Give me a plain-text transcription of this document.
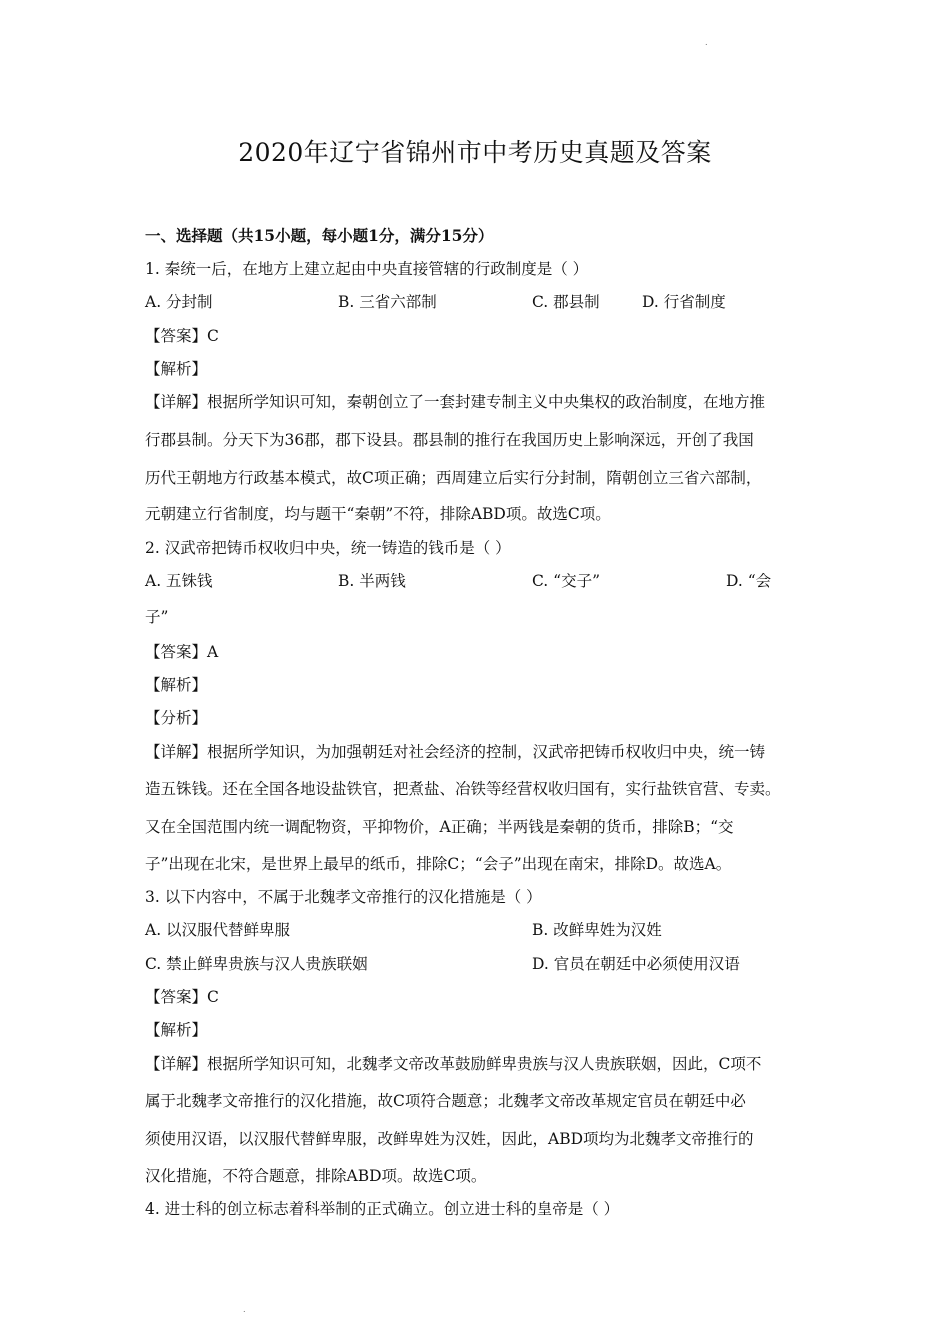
.
2020年辽宁省锦州市中考历史真题及答案
一、选择题（共15小题，每小题1分，满分15分）
1. 秦统一后，在地方上建立起由中央直接管辖的行政制度是（ ）
A. 分封制	B. 三省六部制	C. 郡县制	D. 行省制度
【答案】C
【解析】
【详解】根据所学知识可知，秦朝创立了一套封建专制主义中央集权的政治制度，在地方推
行郡县制。分天下为36郡，郡下设县。郡县制的推行在我国历史上影响深远，开创了我国
历代王朝地方行政基本模式，故C项正确；西周建立后实行分封制，隋朝创立三省六部制，
元朝建立行省制度，均与题干“秦朝”不符，排除ABD项。故选C项。
2. 汉武帝把铸币权收归中央，统一铸造的钱币是（ ）
A. 五铢钱	B. 半两钱	C. “交子”	D. “会
子”
【答案】A
【解析】
【分析】
【详解】根据所学知识，为加强朝廷对社会经济的控制，汉武帝把铸币权收归中央，统一铸
造五铢钱。还在全国各地设盐铁官，把煮盐、冶铁等经营权收归国有，实行盐铁官营、专卖。
又在全国范围内统一调配物资，平抑物价，A正确；半两钱是秦朝的货币，排除B；“交
子”出现在北宋，是世界上最早的纸币，排除C；“会子”出现在南宋，排除D。故选A。
3. 以下内容中，不属于北魏孝文帝推行的汉化措施是（ ）
A. 以汉服代替鲜卑服	B. 改鲜卑姓为汉姓
C. 禁止鲜卑贵族与汉人贵族联姻	D. 官员在朝廷中必须使用汉语
【答案】C
【解析】
【详解】根据所学知识可知，北魏孝文帝改革鼓励鲜卑贵族与汉人贵族联姻，因此，C项不
属于北魏孝文帝推行的汉化措施，故C项符合题意；北魏孝文帝改革规定官员在朝廷中必
须使用汉语，以汉服代替鲜卑服，改鲜卑姓为汉姓，因此，ABD项均为北魏孝文帝推行的
汉化措施，不符合题意，排除ABD项。故选C项。
4. 进士科的创立标志着科举制的正式确立。创立进士科的皇帝是（ ）
.
